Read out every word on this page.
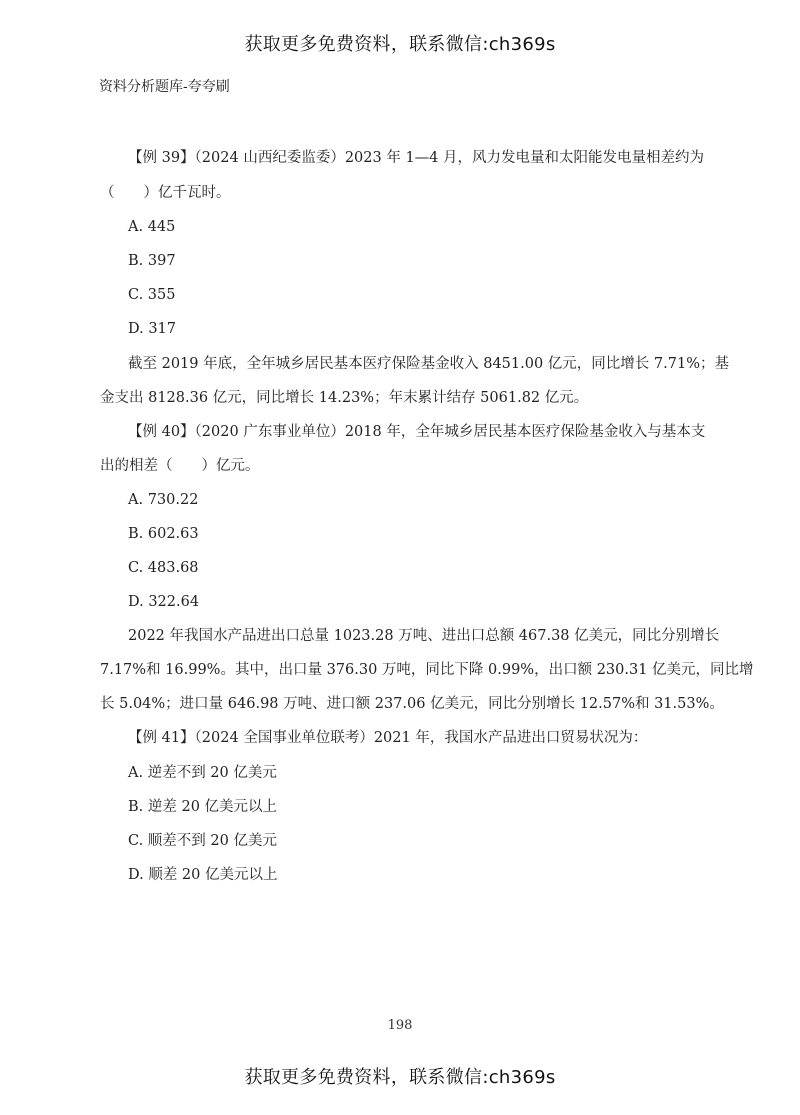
获取更多免费资料，联系微信:ch369s
资料分析题库-夸夸刷
【例 39】（2024 山西纪委监委）2023 年 1—4 月，风力发电量和太阳能发电量相差约为
（　　）亿千瓦时。
A. 445
B. 397
C. 355
D. 317
截至 2019 年底，全年城乡居民基本医疗保险基金收入 8451.00 亿元，同比增长 7.71%；基
金支出 8128.36 亿元，同比增长 14.23%；年末累计结存 5061.82 亿元。
【例 40】（2020 广东事业单位）2018 年，全年城乡居民基本医疗保险基金收入与基本支
出的相差（　　）亿元。
A. 730.22
B. 602.63
C. 483.68
D. 322.64
2022 年我国水产品进出口总量 1023.28 万吨、进出口总额 467.38 亿美元，同比分别增长
7.17%和 16.99%。其中，出口量 376.30 万吨，同比下降 0.99%，出口额 230.31 亿美元，同比增
长 5.04%；进口量 646.98 万吨、进口额 237.06 亿美元，同比分别增长 12.57%和 31.53%。
【例 41】（2024 全国事业单位联考）2021 年，我国水产品进出口贸易状况为：
A. 逆差不到 20 亿美元
B. 逆差 20 亿美元以上
C. 顺差不到 20 亿美元
D. 顺差 20 亿美元以上
198
获取更多免费资料，联系微信:ch369s
